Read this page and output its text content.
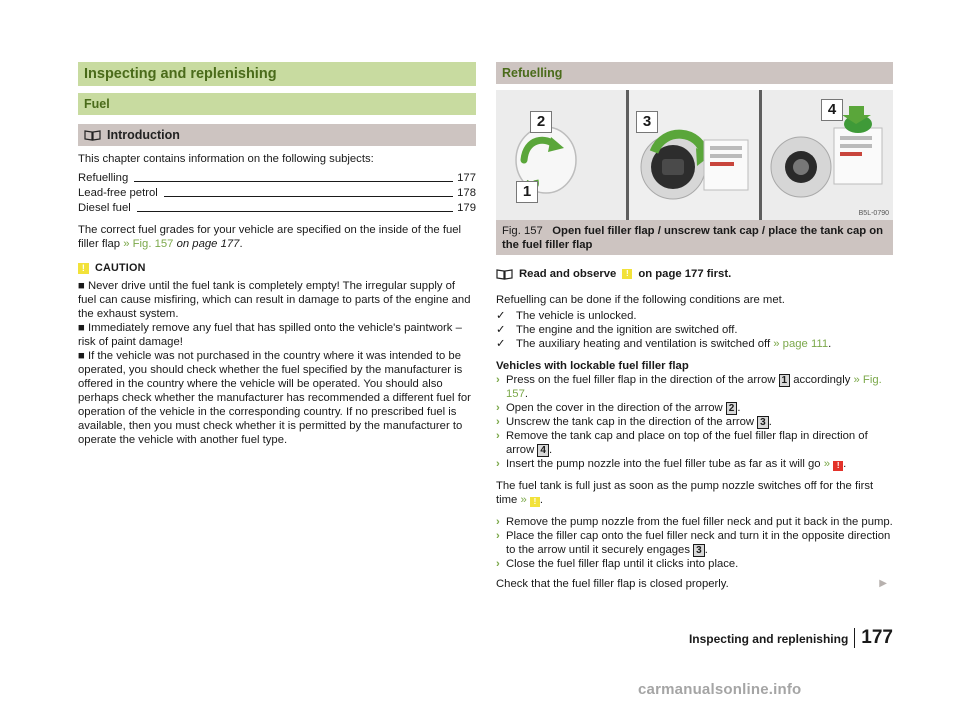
Inspecting and replenishing
Fuel
Introduction

This chapter contains information on the following subjects:

Refuelling	177
Lead-free petrol	178
Diesel fuel	179

The correct fuel grades for your vehicle are specified on the inside of the fuel filler flap » Fig. 157 on page 177.

! CAUTION

■ Never drive until the fuel tank is completely empty! The irregular supply of fuel can cause misfiring, which can result in damage to parts of the engine and the exhaust system.

■ Immediately remove any fuel that has spilled onto the vehicle's paintwork – risk of paint damage!

■ If the vehicle was not purchased in the country where it was intended to be operated, you should check whether the fuel specified by the manufacturer is offered in the country where the vehicle will be operated. You should also perhaps check whether the manufacturer has recommended a different fuel for operation of the vehicle in the corresponding country. If no prescribed fuel is available, then you must check whether it is permitted by the manufacturer to operate the vehicle with another fuel type.

Refuelling
2	3
4
1
B5L-0790
Fig. 157 Open fuel filler flap / unscrew tank cap / place the tank cap on the fuel filler flap
Read and observe	! on page 177 first.

Refuelling can be done if the following conditions are met.

✓ The vehicle is unlocked.
✓ The engine and the ignition are switched off.
✓ The auxiliary heating and ventilation is switched off » page 111.

Vehicles with lockable fuel filler flap

› Press on the fuel filler flap in the direction of the arrow 1 accordingly » Fig. 157.
› Open the cover in the direction of the arrow 2 .
› Unscrew the tank cap in the direction of the arrow 3 .
› Remove the tank cap and place on top of the fuel filler flap in direction of arrow 4 .
› Insert the pump nozzle into the fuel filler tube as far as it will go » ! .

The fuel tank is full just as soon as the pump nozzle switches off for the first time » ! .

› Remove the pump nozzle from the fuel filler neck and put it back in the pump.
› Place the filler cap onto the fuel filler neck and turn it in the opposite direction to the arrow until it securely engages 3 .
› Close the fuel filler flap until it clicks into place.

Check that the fuel filler flap is closed properly.	▶

Inspecting and replenishing 177
carmanualsonline.info
